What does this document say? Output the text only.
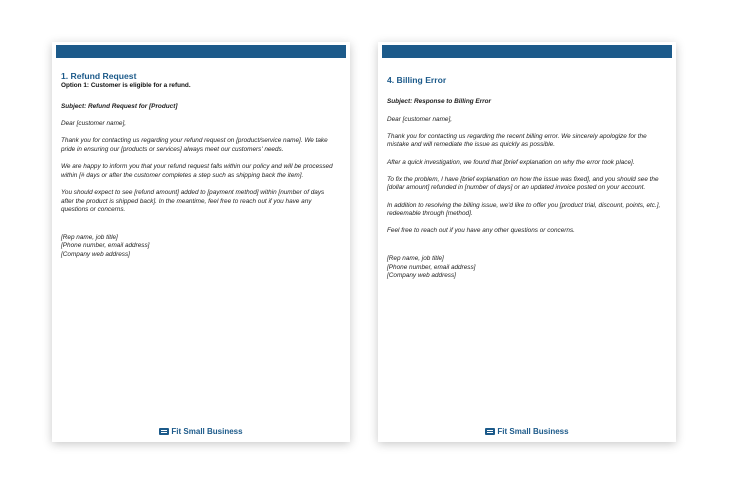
1. Refund Request
Option 1: Customer is eligible for a refund.
Subject: Refund Request for [Product]
Dear [customer name],
Thank you for contacting us regarding your refund request on [product/service name]. We take pride in ensuring our [products or services] always meet our customers' needs.
We are happy to inform you that your refund request falls within our policy and will be processed within [# days or after the customer completes a step such as shipping back the item].
You should expect to see [refund amount] added to [payment method] within [number of days after the product is shipped back]. In the meantime, feel free to reach out if you have any questions or concerns.
[Rep name, job title]
[Phone number, email address]
[Company web address]
Fit Small Business
4. Billing Error
Subject: Response to Billing Error
Dear [customer name],
Thank you for contacting us regarding the recent billing error. We sincerely apologize for the mistake and will remediate the issue as quickly as possible.
After a quick investigation, we found that [brief explanation on why the error took place].
To fix the problem, I have [brief explanation on how the issue was fixed], and you should see the [dollar amount] refunded in [number of days] or an updated invoice posted on your account.
In addition to resolving the billing issue, we'd like to offer you [product trial, discount, points, etc.], redeemable through [method].
Feel free to reach out if you have any other questions or concerns.
[Rep name, job title]
[Phone number, email address]
[Company web address]
Fit Small Business
